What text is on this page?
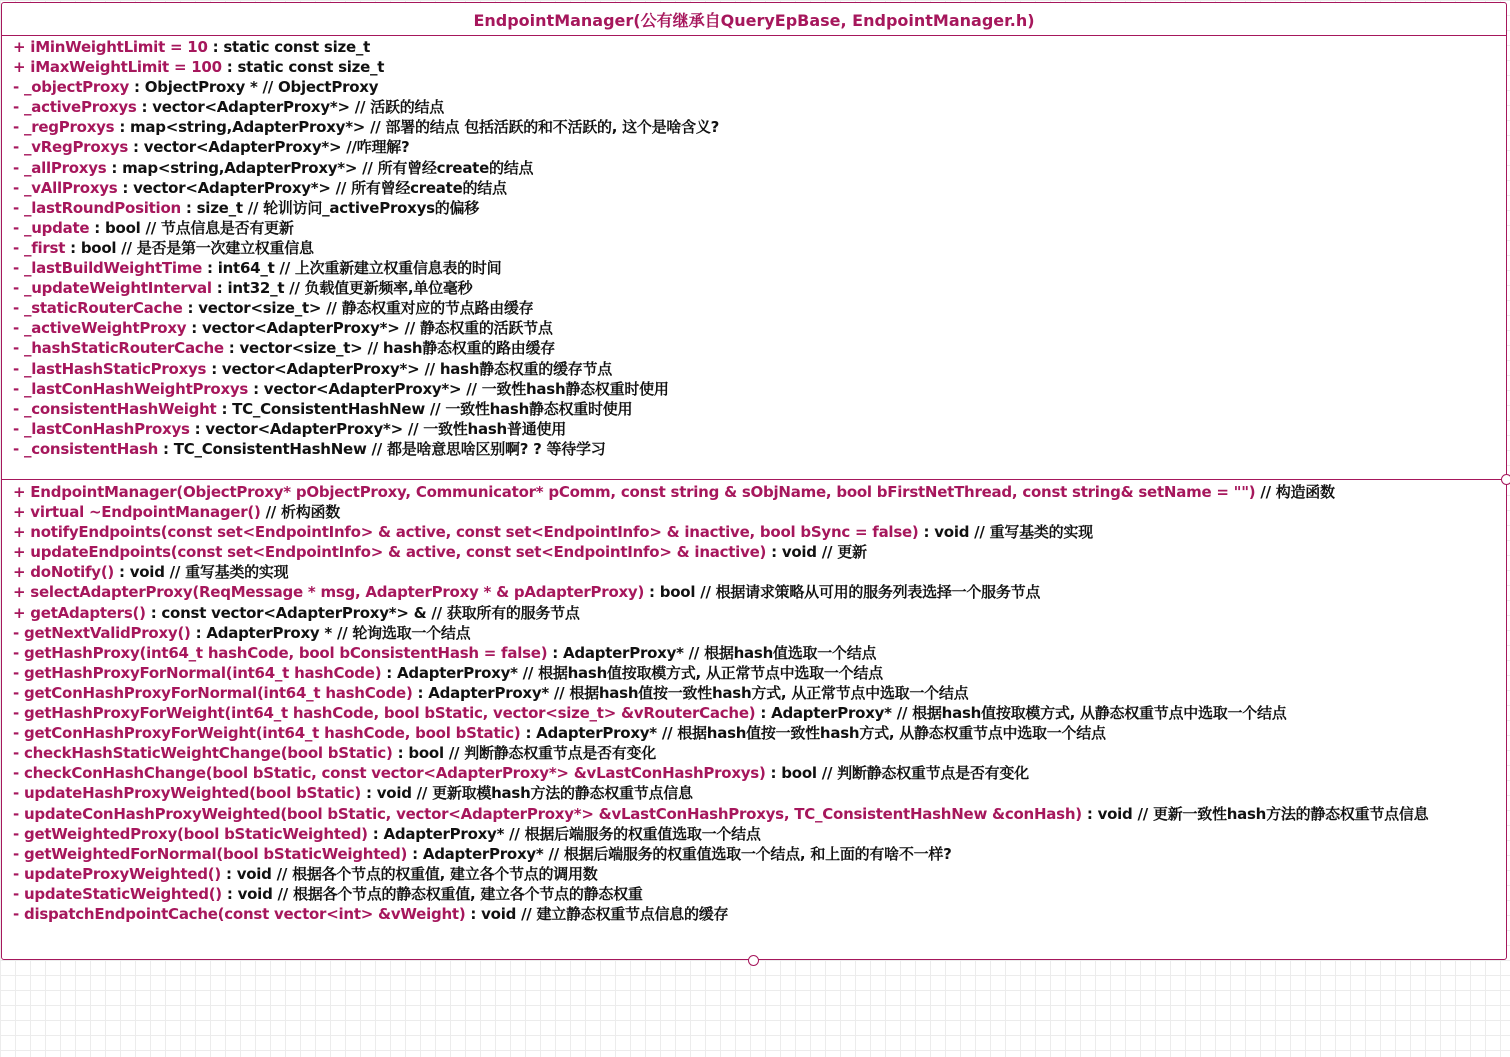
EndpointManager(公有继承自QueryEpBase, EndpointManager.h)
+ iMinWeightLimit = 10 : static const size_t
+ iMaxWeightLimit = 100 : static const size_t
- _objectProxy : ObjectProxy * // ObjectProxy
- _activeProxys : vector<AdapterProxy*> // 活跃的结点
- _regProxys : map<string,AdapterProxy*> // 部署的结点 包括活跃的和不活跃的, 这个是啥含义?
- _vRegProxys : vector<AdapterProxy*> //咋理解?
- _allProxys : map<string,AdapterProxy*> // 所有曾经create的结点
- _vAllProxys : vector<AdapterProxy*> // 所有曾经create的结点
- _lastRoundPosition : size_t // 轮训访问_activeProxys的偏移
- _update : bool // 节点信息是否有更新
- _first : bool // 是否是第一次建立权重信息
- _lastBuildWeightTime : int64_t // 上次重新建立权重信息表的时间
- _updateWeightInterval : int32_t // 负载值更新频率,单位毫秒
- _staticRouterCache : vector<size_t> // 静态权重对应的节点路由缓存
- _activeWeightProxy : vector<AdapterProxy*> // 静态权重的活跃节点
- _hashStaticRouterCache : vector<size_t> // hash静态权重的路由缓存
- _lastHashStaticProxys : vector<AdapterProxy*> // hash静态权重的缓存节点
- _lastConHashWeightProxys : vector<AdapterProxy*> // 一致性hash静态权重时使用
- _consistentHashWeight : TC_ConsistentHashNew // 一致性hash静态权重时使用
- _lastConHashProxys : vector<AdapterProxy*> // 一致性hash普通使用
- _consistentHash : TC_ConsistentHashNew // 都是啥意思啥区别啊? ? 等待学习
+ EndpointManager(ObjectProxy* pObjectProxy, Communicator* pComm, const string & sObjName, bool bFirstNetThread, const string& setName = "") // 构造函数
+ virtual ~EndpointManager() // 析构函数
+ notifyEndpoints(const set<EndpointInfo> & active, const set<EndpointInfo> & inactive, bool bSync = false) : void // 重写基类的实现
+ updateEndpoints(const set<EndpointInfo> & active, const set<EndpointInfo> & inactive) : void // 更新
+ doNotify() : void // 重写基类的实现
+ selectAdapterProxy(ReqMessage * msg, AdapterProxy * & pAdapterProxy) : bool // 根据请求策略从可用的服务列表选择一个服务节点
+ getAdapters() : const vector<AdapterProxy*> & // 获取所有的服务节点
- getNextValidProxy() : AdapterProxy * // 轮询选取一个结点
- getHashProxy(int64_t hashCode, bool bConsistentHash = false) : AdapterProxy* // 根据hash值选取一个结点
- getHashProxyForNormal(int64_t hashCode) : AdapterProxy* // 根据hash值按取模方式, 从正常节点中选取一个结点
- getConHashProxyForNormal(int64_t hashCode) : AdapterProxy* // 根据hash值按一致性hash方式, 从正常节点中选取一个结点
- getHashProxyForWeight(int64_t hashCode, bool bStatic, vector<size_t> &vRouterCache) : AdapterProxy* // 根据hash值按取模方式, 从静态权重节点中选取一个结点
- getConHashProxyForWeight(int64_t hashCode, bool bStatic) : AdapterProxy* // 根据hash值按一致性hash方式, 从静态权重节点中选取一个结点
- checkHashStaticWeightChange(bool bStatic) : bool // 判断静态权重节点是否有变化
- checkConHashChange(bool bStatic, const vector<AdapterProxy*> &vLastConHashProxys) : bool // 判断静态权重节点是否有变化
- updateHashProxyWeighted(bool bStatic) : void // 更新取模hash方法的静态权重节点信息
- updateConHashProxyWeighted(bool bStatic, vector<AdapterProxy*> &vLastConHashProxys, TC_ConsistentHashNew &conHash) : void // 更新一致性hash方法的静态权重节点信息
- getWeightedProxy(bool bStaticWeighted) : AdapterProxy* // 根据后端服务的权重值选取一个结点
- getWeightedForNormal(bool bStaticWeighted) : AdapterProxy* // 根据后端服务的权重值选取一个结点, 和上面的有啥不一样?
- updateProxyWeighted() : void // 根据各个节点的权重值, 建立各个节点的调用数
- updateStaticWeighted() : void // 根据各个节点的静态权重值, 建立各个节点的静态权重
- dispatchEndpointCache(const vector<int> &vWeight) : void // 建立静态权重节点信息的缓存
